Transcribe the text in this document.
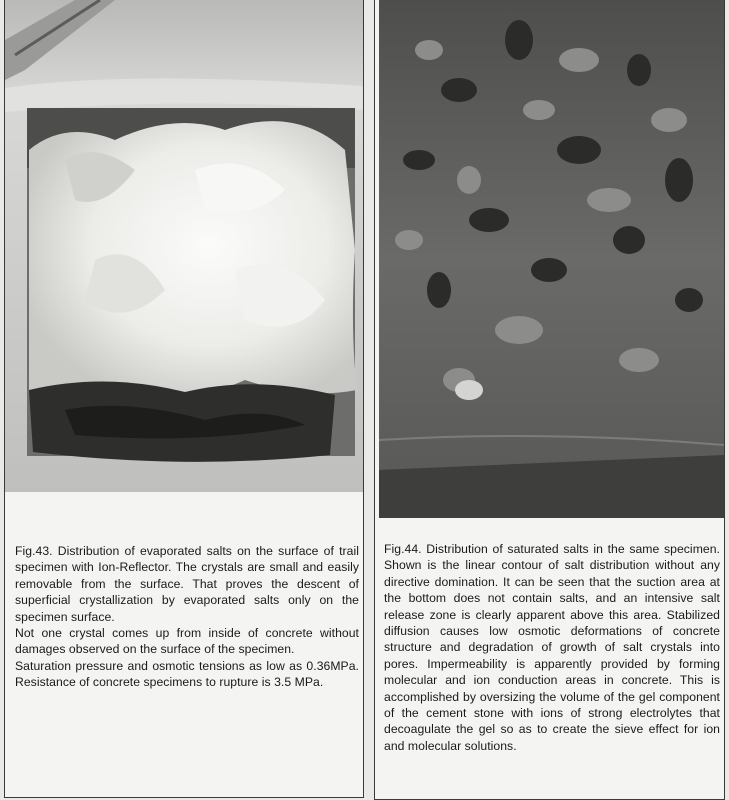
Fig.43. Distribution of evaporated salts on the surface of trail specimen with Ion-Reflector. The crystals are small and easily removable from the surface. That proves the descent of superficial crystallization by evaporated salts only on the specimen surface.

Not one crystal comes up from inside of concrete without damages observed on the surface of the specimen.

Saturation pressure and osmotic tensions as low as 0.36MPa. Resistance of concrete specimens to rupture is 3.5 MPa.

Fig.44. Distribution of saturated salts in the same specimen. Shown is the linear contour of salt distribution without any directive domination. It can be seen that the suction area at the bottom does not contain salts, and an intensive salt release zone is clearly apparent above this area. Stabilized diffusion causes low osmotic deformations of concrete structure and degradation of growth of salt crystals into pores. Impermeability is apparently provided by forming molecular and ion conduction areas in concrete. This is accomplished by oversizing the volume of the gel component of the cement stone with ions of strong electrolytes that decoagulate the gel so as to create the sieve effect for ion and molecular solutions.
